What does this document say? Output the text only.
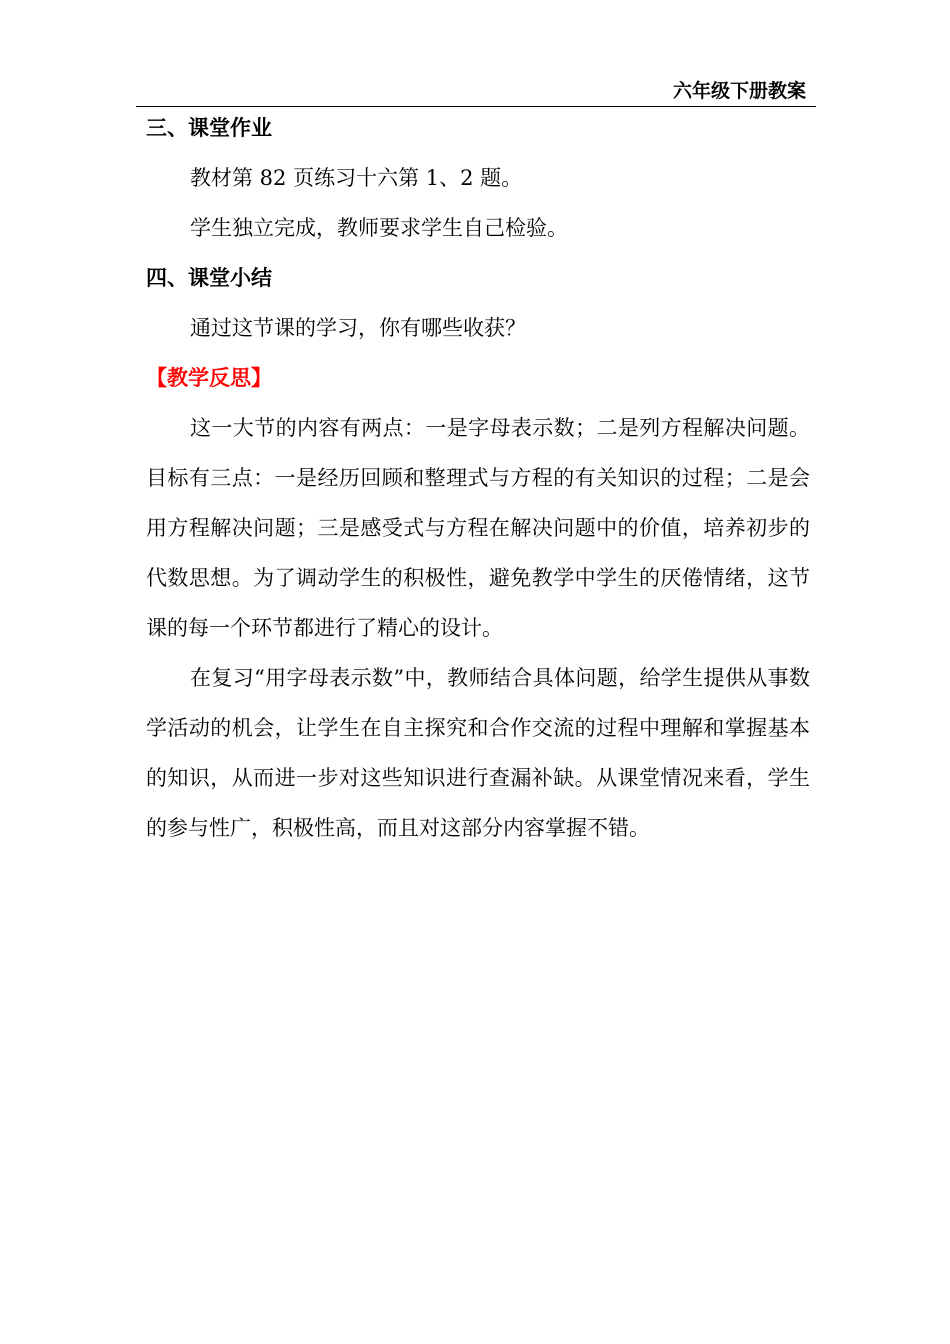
六年级下册教案
三、课堂作业
教材第 82 页练习十六第 1、2 题。
学生独立完成，教师要求学生自己检验。
四、课堂小结
通过这节课的学习，你有哪些收获？
【教学反思】

这一大节的内容有两点：一是字母表示数；二是列方程解决问题。目标有三点：一是经历回顾和整理式与方程的有关知识的过程；二是会用方程解决问题；三是感受式与方程在解决问题中的价值，培养初步的代数思想。为了调动学生的积极性，避免教学中学生的厌倦情绪，这节课的每一个环节都进行了精心的设计。

在复习“用字母表示数”中，教师结合具体问题，给学生提供从事数学活动的机会，让学生在自主探究和合作交流的过程中理解和掌握基本的知识，从而进一步对这些知识进行查漏补缺。从课堂情况来看，学生的参与性广，积极性高，而且对这部分内容掌握不错。
